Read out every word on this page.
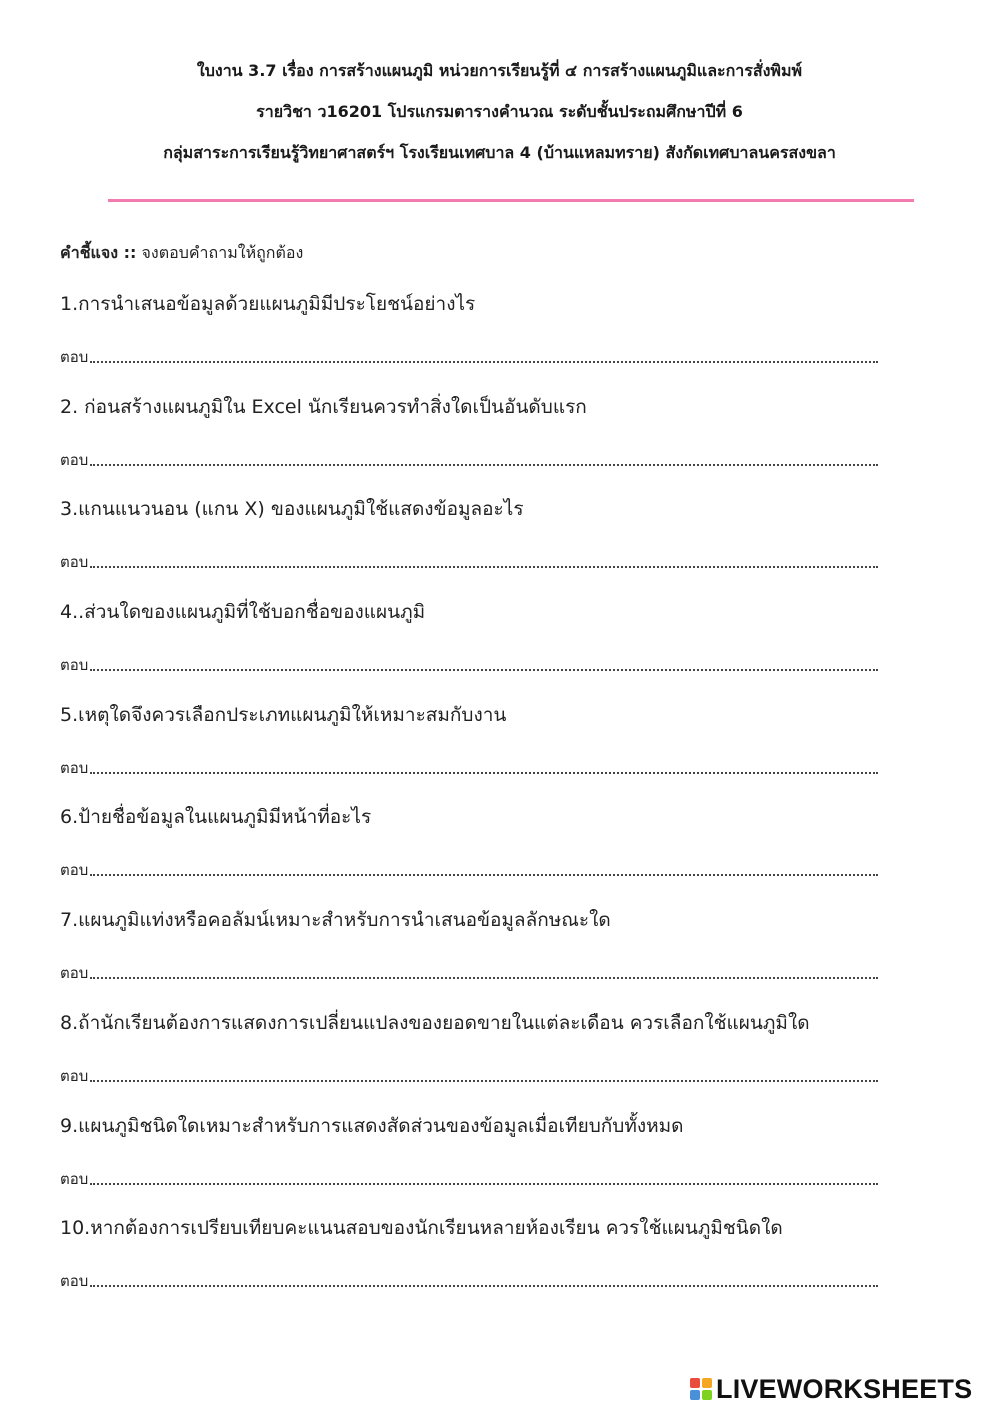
ใบงาน 3.7 เรื่อง การสร้างแผนภูมิ หน่วยการเรียนรู้ที่ ๔ การสร้างแผนภูมิและการสั่งพิมพ์
รายวิชา ว16201 โปรแกรมตารางคำนวณ ระดับชั้นประถมศึกษาปีที่ 6
กลุ่มสาระการเรียนรู้วิทยาศาสตร์ฯ โรงเรียนเทศบาล 4 (บ้านแหลมทราย) สังกัดเทศบาลนครสงขลา
คำชี้แจง :: จงตอบคำถามให้ถูกต้อง
1.การนำเสนอข้อมูลด้วยแผนภูมิมีประโยชน์อย่างไร
ตอบ
2. ก่อนสร้างแผนภูมิใน Excel นักเรียนควรทำสิ่งใดเป็นอันดับแรก
ตอบ
3.แกนแนวนอน (แกน X) ของแผนภูมิใช้แสดงข้อมูลอะไร
ตอบ
4..ส่วนใดของแผนภูมิที่ใช้บอกชื่อของแผนภูมิ
ตอบ
5.เหตุใดจึงควรเลือกประเภทแผนภูมิให้เหมาะสมกับงาน
ตอบ
6.ป้ายชื่อข้อมูลในแผนภูมิมีหน้าที่อะไร
ตอบ
7.แผนภูมิแท่งหรือคอลัมน์เหมาะสำหรับการนำเสนอข้อมูลลักษณะใด
ตอบ
8.ถ้านักเรียนต้องการแสดงการเปลี่ยนแปลงของยอดขายในแต่ละเดือน ควรเลือกใช้แผนภูมิใด
ตอบ
9.แผนภูมิชนิดใดเหมาะสำหรับการแสดงสัดส่วนของข้อมูลเมื่อเทียบกับทั้งหมด
ตอบ
10.หากต้องการเปรียบเทียบคะแนนสอบของนักเรียนหลายห้องเรียน ควรใช้แผนภูมิชนิดใด
ตอบ
LIVEWORKSHEETS
